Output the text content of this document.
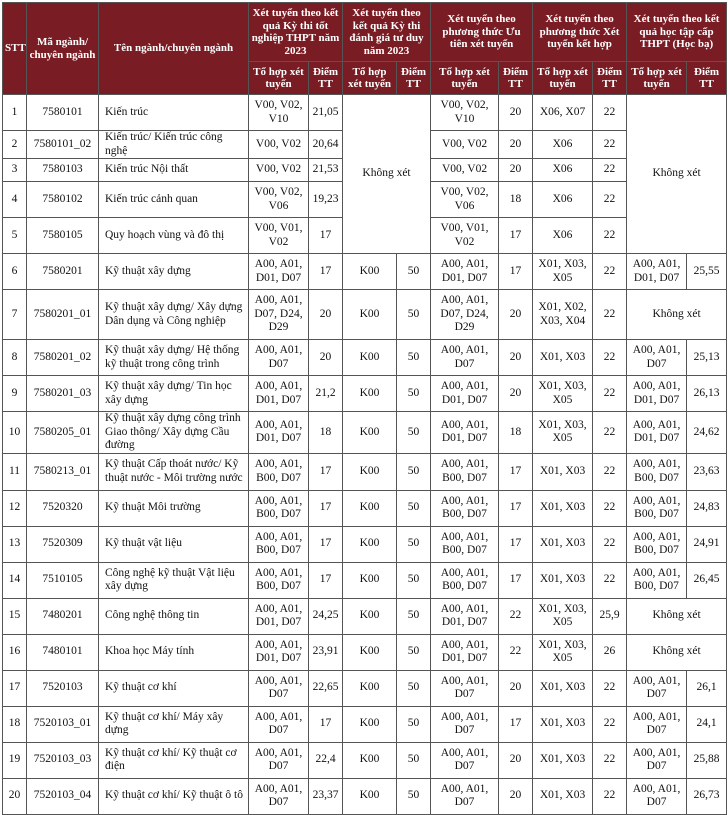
STT	Mã ngành/ chuyên ngành	Tên ngành/chuyên ngành	Xét tuyển theo kết quả Kỳ thi tốt nghiệp THPT năm 2023		Xét tuyển theo kết quả Kỳ thi đánh giá tư duy năm 2023		Xét tuyển theo phương thức Ưu tiên xét tuyển		Xét tuyển theo phương thức Xét tuyển kết hợp		Xét tuyển theo kết quả học tập cấp THPT (Học bạ)	
			Tổ hợp xét tuyển	Điểm TT	Tổ hợp xét tuyển	Điểm TT	Tổ hợp xét tuyển	Điểm TT	Tổ hợp xét tuyển	Điểm TT	Tổ hợp xét tuyển	Điểm TT
1	7580101	Kiến trúc	V00, V02, V10	21,05	Không xét		V00, V02, V10	20	X06, X07	22	Không xét	
2	7580101_02	Kiến trúc/ Kiến trúc công nghệ	V00, V02	20,64			V00, V02	20	X06	22		
3	7580103	Kiến trúc Nội thất	V00, V02	21,53			V00, V02	20	X06	22		
4	7580102	Kiến trúc cảnh quan	V00, V02, V06	19,23			V00, V02, V06	18	X06	22		
5	7580105	Quy hoạch vùng và đô thị	V00, V01, V02	17			V00, V01, V02	17	X06	22		
6	7580201	Kỹ thuật xây dựng	A00, A01, D01, D07	17	K00	50	A00, A01, D01, D07	17	X01, X03, X05	22	A00, A01, D01, D07	25,55
7	7580201_01	Kỹ thuật xây dựng/ Xây dựng Dân dụng và Công nghiệp	A00, A01, D07, D24, D29	20	K00	50	A00, A01, D07, D24, D29	20	X01, X02, X03, X04	22	Không xét	
8	7580201_02	Kỹ thuật xây dựng/ Hệ thống kỹ thuật trong công trình	A00, A01, D07	20	K00	50	A00, A01, D07	20	X01, X03	22	A00, A01, D07	25,13
9	7580201_03	Kỹ thuật xây dựng/ Tin học xây dựng	A00, A01, D01, D07	21,2	K00	50	A00, A01, D01, D07	20	X01, X03, X05	22	A00, A01, D01, D07	26,13
10	7580205_01	Kỹ thuật xây dựng công trình Giao thông/ Xây dựng Cầu đường	A00, A01, D01, D07	18	K00	50	A00, A01, D01, D07	18	X01, X03, X05	22	A00, A01, D01, D07	24,62
11	7580213_01	Kỹ thuật Cấp thoát nước/ Kỹ thuật nước - Môi trường nước	A00, A01, B00, D07	17	K00	50	A00, A01, B00, D07	17	X01, X03	22	A00, A01, B00, D07	23,63
12	7520320	Kỹ thuật Môi trường	A00, A01, B00, D07	17	K00	50	A00, A01, B00, D07	17	X01, X03	22	A00, A01, B00, D07	24,83
13	7520309	Kỹ thuật vật liệu	A00, A01, B00, D07	17	K00	50	A00, A01, B00, D07	17	X01, X03	22	A00, A01, B00, D07	24,91
14	7510105	Công nghệ kỹ thuật Vật liệu xây dựng	A00, A01, B00, D07	17	K00	50	A00, A01, B00, D07	17	X01, X03	22	A00, A01, B00, D07	26,45
15	7480201	Công nghệ thông tin	A00, A01, D01, D07	24,25	K00	50	A00, A01, D01, D07	22	X01, X03, X05	25,9	Không xét	
16	7480101	Khoa học Máy tính	A00, A01, D01, D07	23,91	K00	50	A00, A01, D01, D07	22	X01, X03, X05	26	Không xét	
17	7520103	Kỹ thuật cơ khí	A00, A01, D07	22,65	K00	50	A00, A01, D07	20	X01, X03	22	A00, A01, D07	26,1
18	7520103_01	Kỹ thuật cơ khí/ Máy xây dựng	A00, A01, D07	17	K00	50	A00, A01, D07	17	X01, X03	22	A00, A01, D07	24,1
19	7520103_03	Kỹ thuật cơ khí/ Kỹ thuật cơ điện	A00, A01, D07	22,4	K00	50	A00, A01, D07	20	X01, X03	22	A00, A01, D07	25,88
20	7520103_04	Kỹ thuật cơ khí/ Kỹ thuật ô tô	A00, A01, D07	23,37	K00	50	A00, A01, D07	20	X01, X03	22	A00, A01, D07	26,73
